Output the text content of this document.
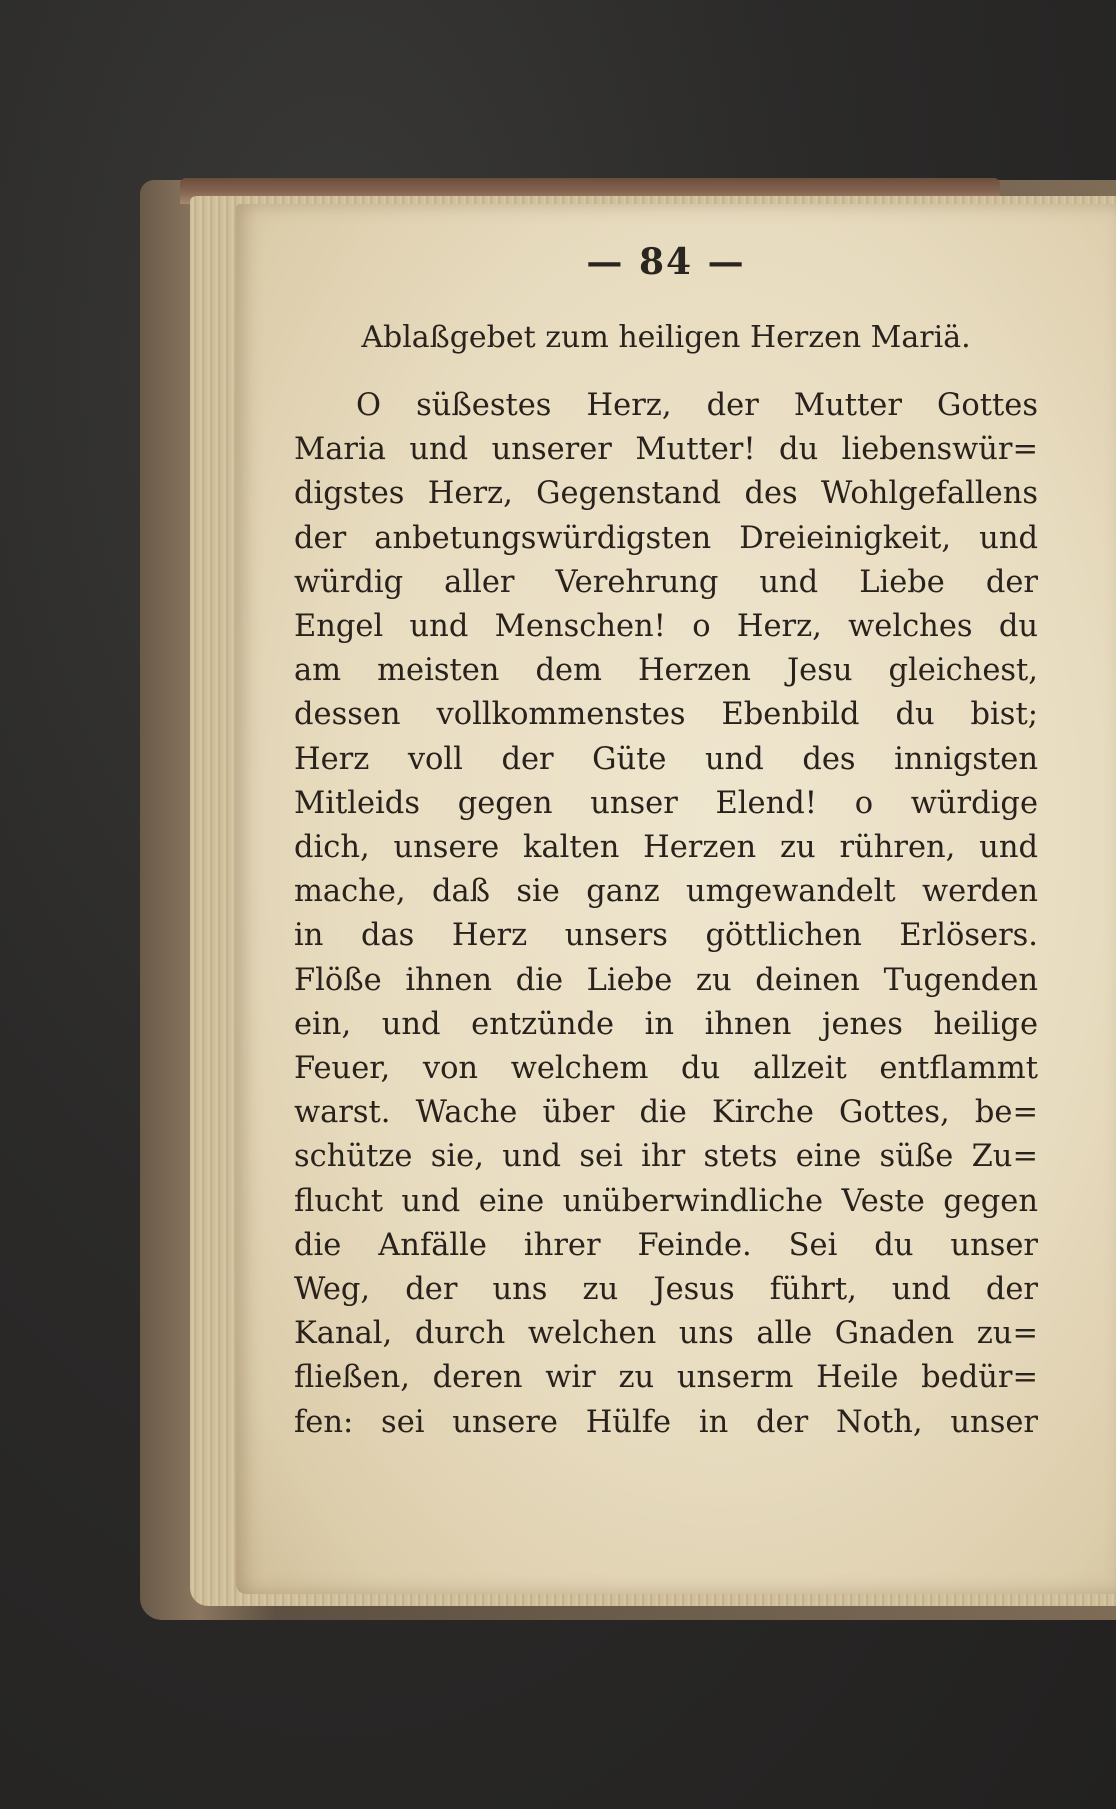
— 84 —
Ablaßgebet zum heiligen Herzen Mariä.
O süßestes Herz, der Mutter Gottes
Maria und unserer Mutter! du liebenswür=
digstes Herz, Gegenstand des Wohlgefallens
der anbetungswürdigsten Dreieinigkeit, und
würdig aller Verehrung und Liebe der
Engel und Menschen! o Herz, welches du
am meisten dem Herzen Jesu gleichest,
dessen vollkommenstes Ebenbild du bist;
Herz voll der Güte und des innigsten
Mitleids gegen unser Elend! o würdige
dich, unsere kalten Herzen zu rühren, und
mache, daß sie ganz umgewandelt werden
in das Herz unsers göttlichen Erlösers.
Flöße ihnen die Liebe zu deinen Tugenden
ein, und entzünde in ihnen jenes heilige
Feuer, von welchem du allzeit entflammt
warst. Wache über die Kirche Gottes, be=
schütze sie, und sei ihr stets eine süße Zu=
flucht und eine unüberwindliche Veste gegen
die Anfälle ihrer Feinde. Sei du unser
Weg, der uns zu Jesus führt, und der
Kanal, durch welchen uns alle Gnaden zu=
fließen, deren wir zu unserm Heile bedür=
fen: sei unsere Hülfe in der Noth, unser
